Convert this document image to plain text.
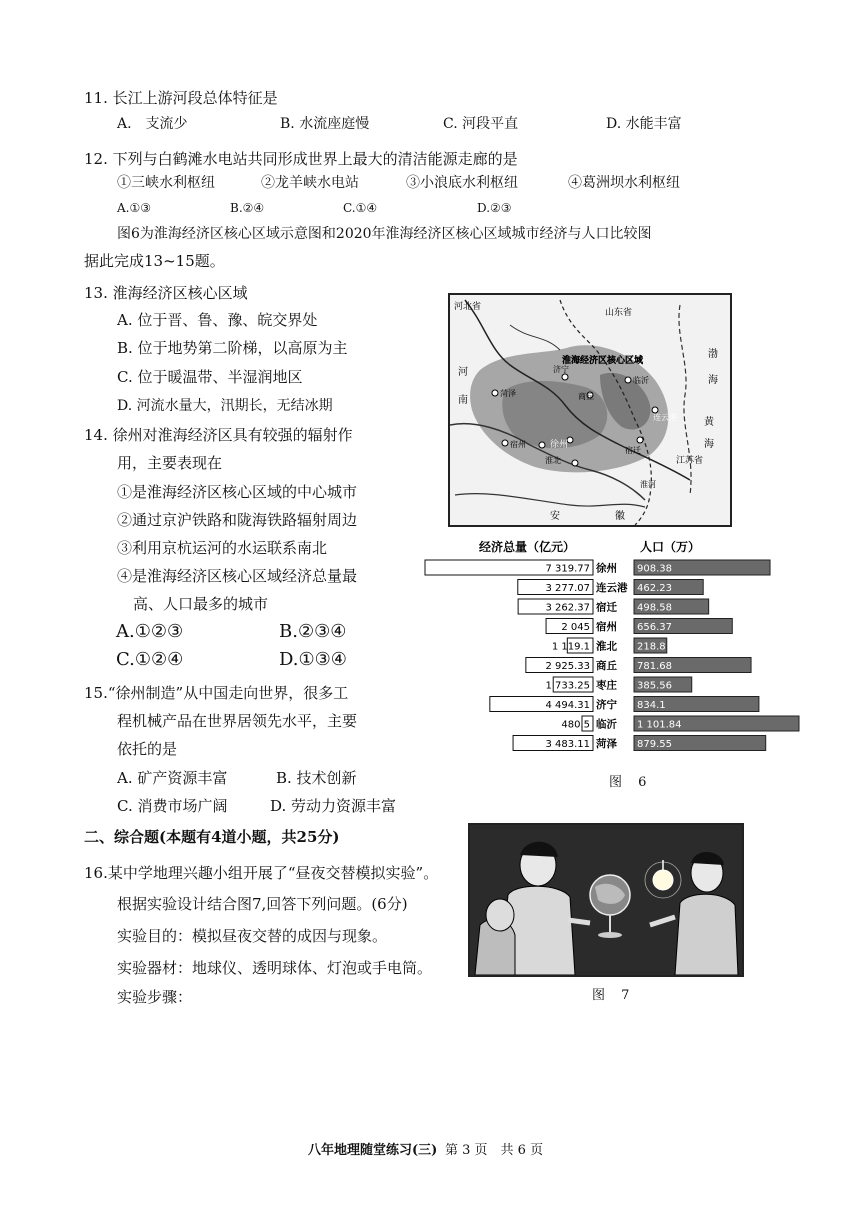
11. 长江上游河段总体特征是
A.　支流少	B. 水流座庭慢	C. 河段平直	D. 水能丰富
12. 下列与白鹤滩水电站共同形成世界上最大的清洁能源走廊的是
①三峡水利枢纽	②龙羊峡水电站	③小浪底水利枢纽	④葛洲坝水利枢纽
A.①③	B.②④	C.①④	D.②③
图6为淮海经济区核心区域示意图和2020年淮海经济区核心区域城市经济与人口比较图
据此完成13~15题。
13. 淮海经济区核心区域
A. 位于晋、鲁、豫、皖交界处
B. 位于地势第二阶梯，以高原为主
C. 位于暖温带、半湿润地区
D. 河流水量大，汛期长，无结冰期
14. 徐州对淮海经济区具有较强的辐射作
用，主要表现在
①是淮海经济区核心区域的中心城市
②通过京沪铁路和陇海铁路辐射周边
③利用京杭运河的水运联系南北
④是淮海经济区核心区域经济总量最
高、人口最多的城市
A.①②③	B.②③④
C.①②④	D.①③④
15.“徐州制造”从中国走向世界，很多工
程机械产品在世界居领先水平，主要
依托的是
A. 矿产资源丰富	B. 技术创新
C. 消费市场广阔	D. 劳动力资源丰富
二、综合题(本题有4道小题，共25分)
16.某中学地理兴趣小组开展了“昼夜交替模拟实验”。
根据实验设计结合图7,回答下列问题。(6分)
实验目的：模拟昼夜交替的成因与现象。
实验器材：地球仪、透明球体、灯泡或手电筒。
实验步骤：
河北省
山东省
渤
海
河
南
济宁
菏泽
淮海经济区核心区域
临沂
商丘
徐州
宿州
淮北
宿迁
连云港
江苏省
黄
海
安	徽
淮河
经济总量（亿元）	人口（万）
7 319.77 徐州 908.38
3 277.07 连云港 462.23
3 262.37 宿迁 498.58
2 045 宿州 656.37
1 119.1 淮北 218.8
2 925.33 商丘 781.68
1 733.25 枣庄 385.56
4 494.31 济宁 834.1
480.5 临沂 1 101.84
3 483.11 菏泽 879.55
图 6
图 7
八年地理随堂练习(三) 第 3 页　共 6 页
